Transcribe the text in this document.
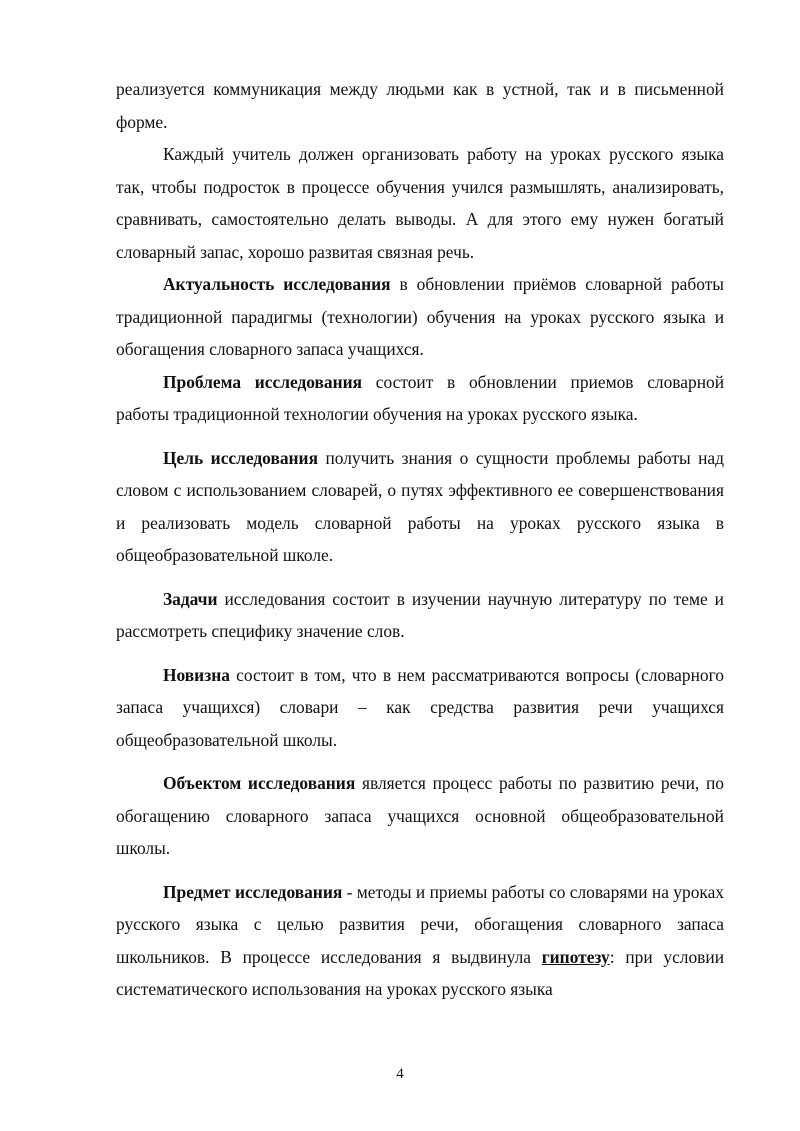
реализуется коммуникация между людьми как в устной, так и в письменной форме.

Каждый учитель должен организовать работу на уроках русского языка так, чтобы подросток в процессе обучения учился размышлять, анализировать, сравнивать, самостоятельно делать выводы. А для этого ему нужен богатый словарный запас, хорошо развитая связная речь.

Актуальность исследования в обновлении приёмов словарной работы традиционной парадигмы (технологии) обучения на уроках русского языка и обогащения словарного запаса учащихся.

Проблема исследования состоит в обновлении приемов словарной работы традиционной технологии обучения на уроках русского языка.

Цель исследования получить знания о сущности проблемы работы над словом с использованием словарей, о путях эффективного ее совершенствования и реализовать модель словарной работы на уроках русского языка в общеобразовательной школе.

Задачи исследования состоит в изучении научную литературу по теме и рассмотреть специфику значение слов.

Новизна состоит в том, что в нем рассматриваются вопросы (словарного запаса учащихся) словари – как средства развития речи учащихся общеобразовательной школы.

Объектом исследования является процесс работы по развитию речи, по обогащению словарного запаса учащихся основной общеобразовательной школы.

Предмет исследования - методы и приемы работы со словарями на уроках русского языка с целью развития речи, обогащения словарного запаса школьников. В процессе исследования я выдвинула гипотезу: при условии систематического использования на уроках русского языка

4
